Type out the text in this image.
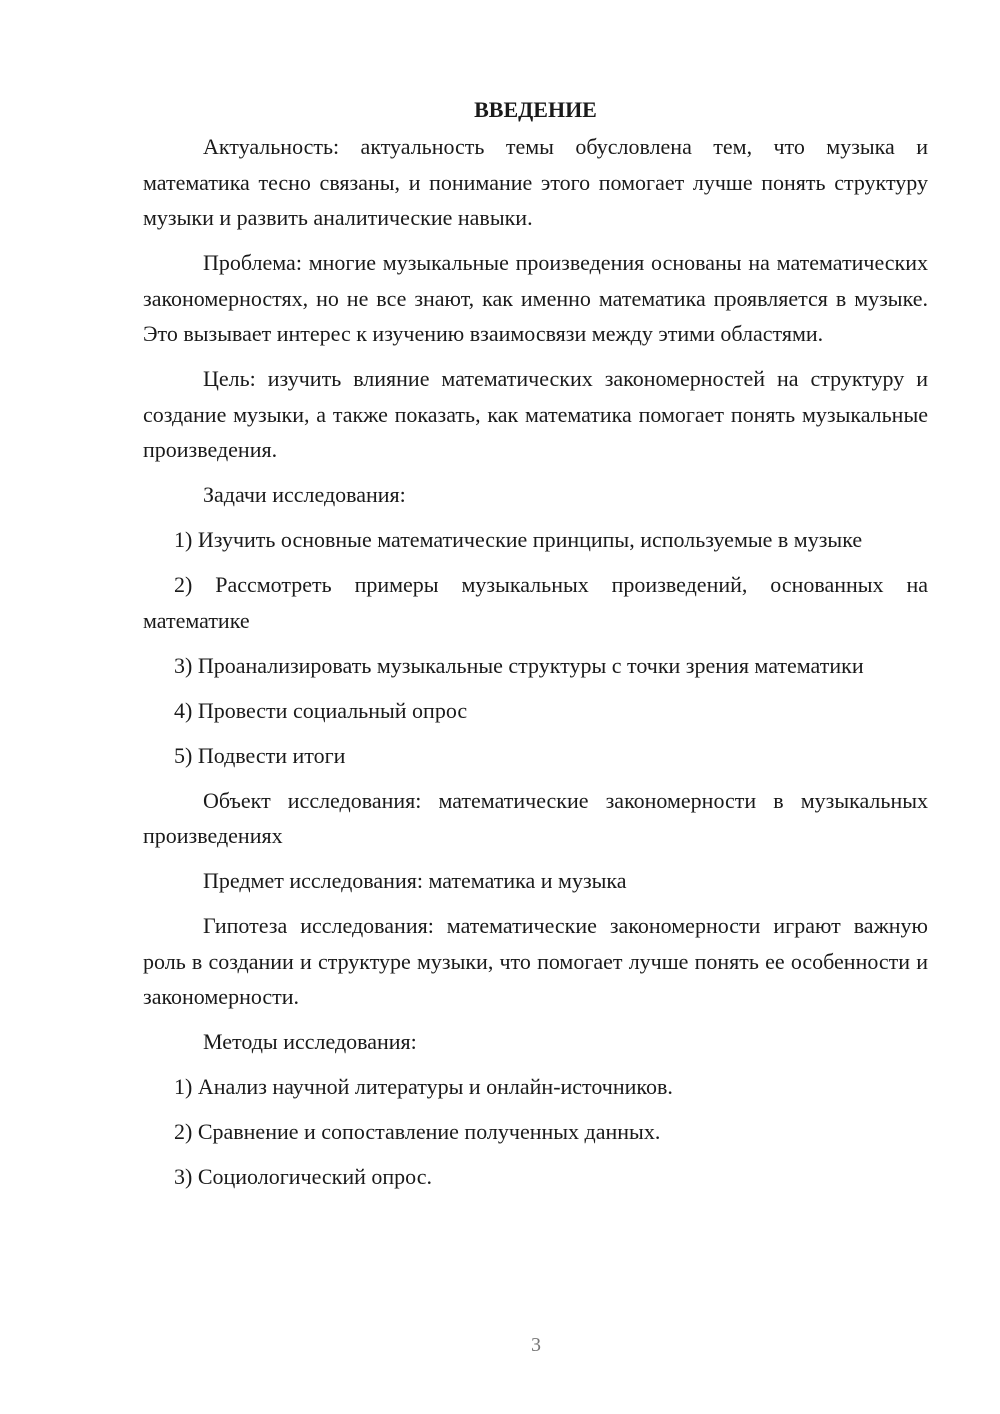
ВВЕДЕНИЕ

Актуальность: актуальность темы обусловлена тем, что музыка и математика тесно связаны, и понимание этого помогает лучше понять структуру музыки и развить аналитические навыки.

Проблема: многие музыкальные произведения основаны на математических закономерностях, но не все знают, как именно математика проявляется в музыке. Это вызывает интерес к изучению взаимосвязи между этими областями.

Цель: изучить влияние математических закономерностей на структуру и создание музыки, а также показать, как математика помогает понять музыкальные произведения.

Задачи исследования:

1) Изучить основные математические принципы, используемые в музыке

2) Рассмотреть примеры музыкальных произведений, основанных на математике

3) Проанализировать музыкальные структуры с точки зрения математики

4) Провести социальный опрос

5) Подвести итоги

Объект исследования: математические закономерности в музыкальных произведениях

Предмет исследования: математика и музыка

Гипотеза исследования: математические закономерности играют важную роль в создании и структуре музыки, что помогает лучше понять ее особенности и закономерности.

Методы исследования:

1) Анализ научной литературы и онлайн-источников.

2) Сравнение и сопоставление полученных данных.

3) Социологический опрос.

3
